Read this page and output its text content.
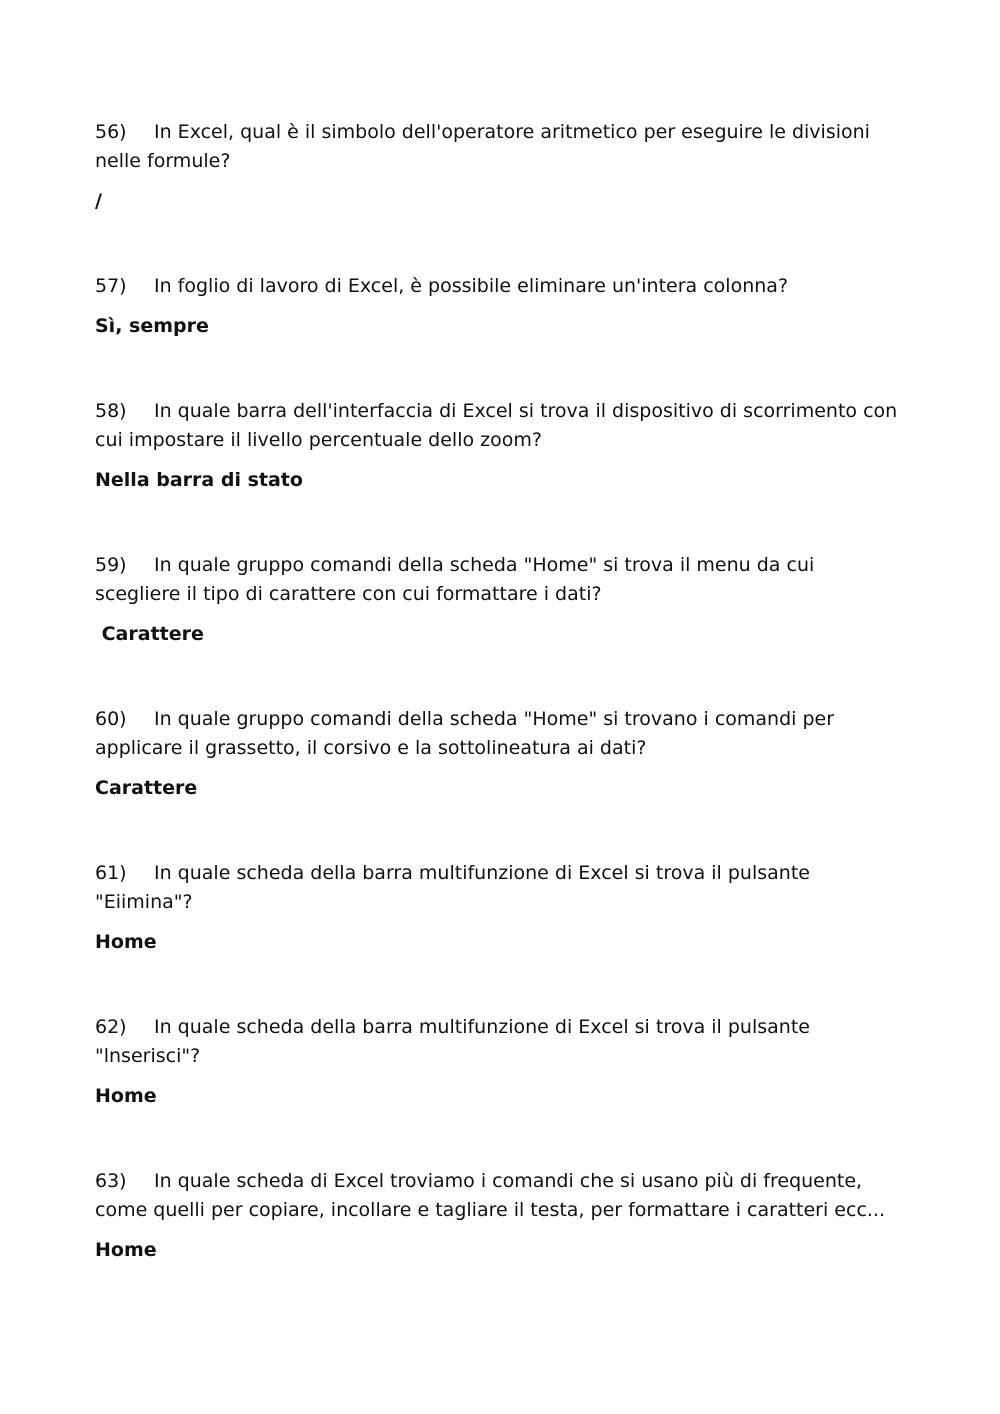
56) In Excel, qual è il simbolo dell'operatore aritmetico per eseguire le divisioni nelle formule?

/

57) In foglio di lavoro di Excel, è possibile eliminare un'intera colonna?

Sì, sempre

58) In quale barra dell'interfaccia di Excel si trova il dispositivo di scorrimento con cui impostare il livello percentuale dello zoom?

Nella barra di stato

59) In quale gruppo comandi della scheda "Home" si trova il menu da cui scegliere il tipo di carattere con cui formattare i dati?

Carattere

60) In quale gruppo comandi della scheda "Home" si trovano i comandi per applicare il grassetto, il corsivo e la sottolineatura ai dati?

Carattere

61) In quale scheda della barra multifunzione di Excel si trova il pulsante "Eiimina"?

Home

62) In quale scheda della barra multifunzione di Excel si trova il pulsante "lnserisci"?

Home

63) In quale scheda di Excel troviamo i comandi che si usano più di frequente, come quelli per copiare, incollare e tagliare il testa, per formattare i caratteri ecc...

Home
